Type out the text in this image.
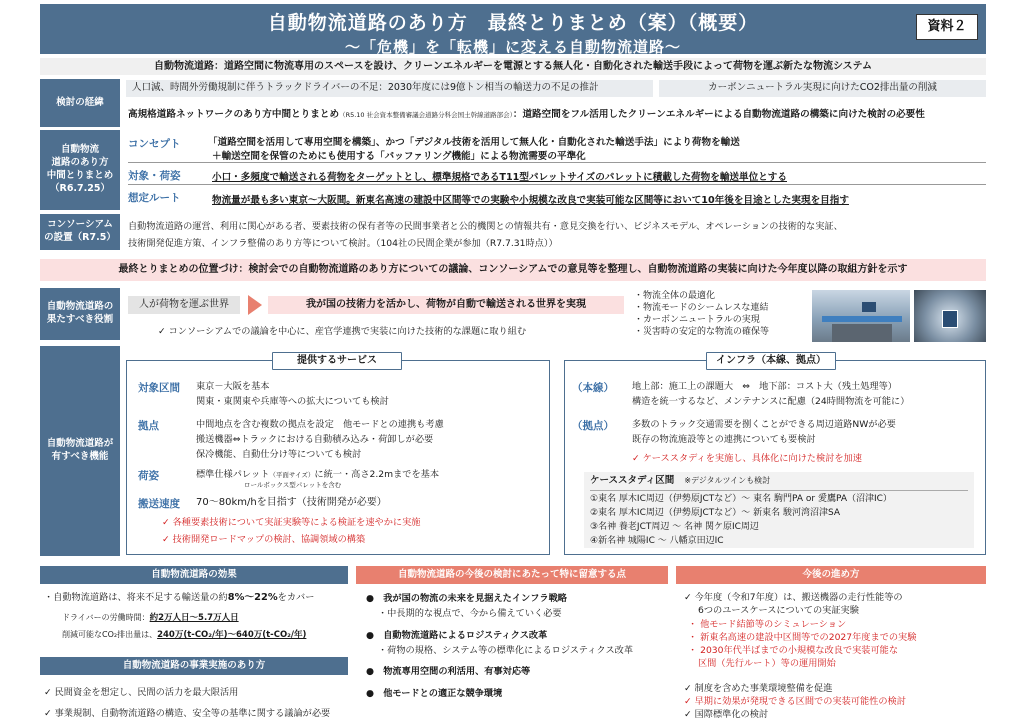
自動物流道路のあり方　最終とりまとめ（案）（概要）
～「危機」を「転機」に変える自動物流道路～
資料２
自動物流道路：道路空間に物流専用のスペースを設け、クリーンエネルギーを電源とする無人化・自動化された輸送手段によって荷物を運ぶ新たな物流システム
検討の経緯
人口減、時間外労働規制に伴うトラックドライバーの不足：2030年度には9億トン相当の輸送力の不足の推計	カーボンニュートラル実現に向けたCO2排出量の削減
高規格道路ネットワークのあり方中間とりまとめ（R5.10 社会資本整備審議会道路分科会国土幹線道路部会）：道路空間をフル活用したクリーンエネルギーによる自動物流道路の構築に向けた検討の必要性
自動物流
道路のあり方
中間とりまとめ
（R6.7.25）
コンセプト	「道路空間を活用して専用空間を構築」、かつ「デジタル技術を活用して無人化・自動化された輸送手法」により荷物を輸送
＋輸送空間を保管のためにも使用する「バッファリング機能」による物流需要の平準化
対象・荷姿	小口・多頻度で輸送される荷物をターゲットとし、標準規格であるT11型パレットサイズのパレットに積載した荷物を輸送単位とする
想定ルート	物流量が最も多い東京～大阪間。新東名高速の建設中区間等での実験や小規模な改良で実装可能な区間等において10年後を目途とした実現を目指す
コンソーシアム
の設置（R7.5）
自動物流道路の運営、利用に関心がある者、要素技術の保有者等の民間事業者と公的機関との情報共有・意見交換を行い、ビジネスモデル、オペレーションの技術的な実証、
技術開発促進方策、インフラ整備のあり方等について検討。（104社の民間企業が参加（R7.7.31時点））
最終とりまとめの位置づけ：検討会での自動物流道路のあり方についての議論、コンソーシアムでの意見等を整理し、自動物流道路の実装に向けた今年度以降の取組方針を示す
自動物流道路の
果たすべき役割
人が荷物を運ぶ世界	我が国の技術力を活かし、荷物が自動で輸送される世界を実現
✓ コンソーシアムでの議論を中心に、産官学連携で実装に向けた技術的な課題に取り組む
・物流全体の最適化
・物流モードのシームレスな連結
・カーボンニュートラルの実現
・災害時の安定的な物流の確保等
自動物流道路が
有すべき機能
提供するサービス
対象区間 東京－大阪を基本
関東・東関東や兵庫等への拡大についても検討
拠点	中間地点を含む複数の拠点を設定　他モードとの連携も考慮
搬送機器⇔トラックにおける自動積み込み・荷卸しが必要
保冷機能、自動仕分け等についても検討
荷姿	標準仕様パレット（平面サイズ）に統一・高さ2.2mまでを基本
ロールボックス型パレットを含む
搬送速度 70～80km/hを目指す（技術開発が必要）
✓ 各種要素技術について実証実験等による検証を速やかに実施
✓ 技術開発ロードマップの検討、協調領域の構築
インフラ（本線、拠点）
（本線） 地上部：施工上の課題大　⇔　地下部：コスト大（残土処理等）
構造を統一するなど、メンテナンスに配慮（24時間物流を可能に）
（拠点） 多数のトラック交通需要を捌くことができる周辺道路NWが必要
既存の物流施設等との連携についても要検討
✓ ケーススタディを実施し、具体化に向けた検討を加速
ケーススタディ区間 ※デジタルツインも検討
①東名 厚木IC周辺（伊勢原JCTなど）～ 東名 駒門PA or 愛鷹PA（沼津IC）
②東名 厚木IC周辺（伊勢原JCTなど）～ 新東名 駿河湾沼津SA
③名神 養老JCT周辺 ～ 名神 関ケ原IC周辺
④新名神 城陽IC ～ 八幡京田辺IC
自動物流道路の効果
・自動物流道路は、将来不足する輸送量の約8%～22%をカバー
ドライバーの労働時間：約2万人日～5.7万人日
削減可能なCO₂排出量は、240万(t-CO₂/年)～640万(t-CO₂/年)
自動物流道路の事業実施のあり方
✓ 民間資金を想定し、民間の活力を最大限活用
✓ 事業規制、自動物流道路の構造、安全等の基準に関する議論が必要
自動物流道路の今後の検討にあたって特に留意する点
●　我が国の物流の未来を見据えたインフラ戦略
・中長期的な視点で、今から備えていく必要
●　自動物流道路によるロジスティクス改革
・荷物の規格、システム等の標準化によるロジスティクス改革
●　物流専用空間の利活用、有事対応等
●　他モードとの適正な競争環境
今後の進め方
✓ 今年度（令和7年度）は、搬送機器の走行性能等の
6つのユースケースについての実証実験
・ 他モード結節等のシミュレーション
・ 新東名高速の建設中区間等での2027年度までの実験
・ 2030年代半ばまでの小規模な改良で実装可能な
区間（先行ルート）等の運用開始
✓ 制度を含めた事業環境整備を促進
✓ 早期に効果が発現できる区間での実装可能性の検討
✓ 国際標準化の検討
